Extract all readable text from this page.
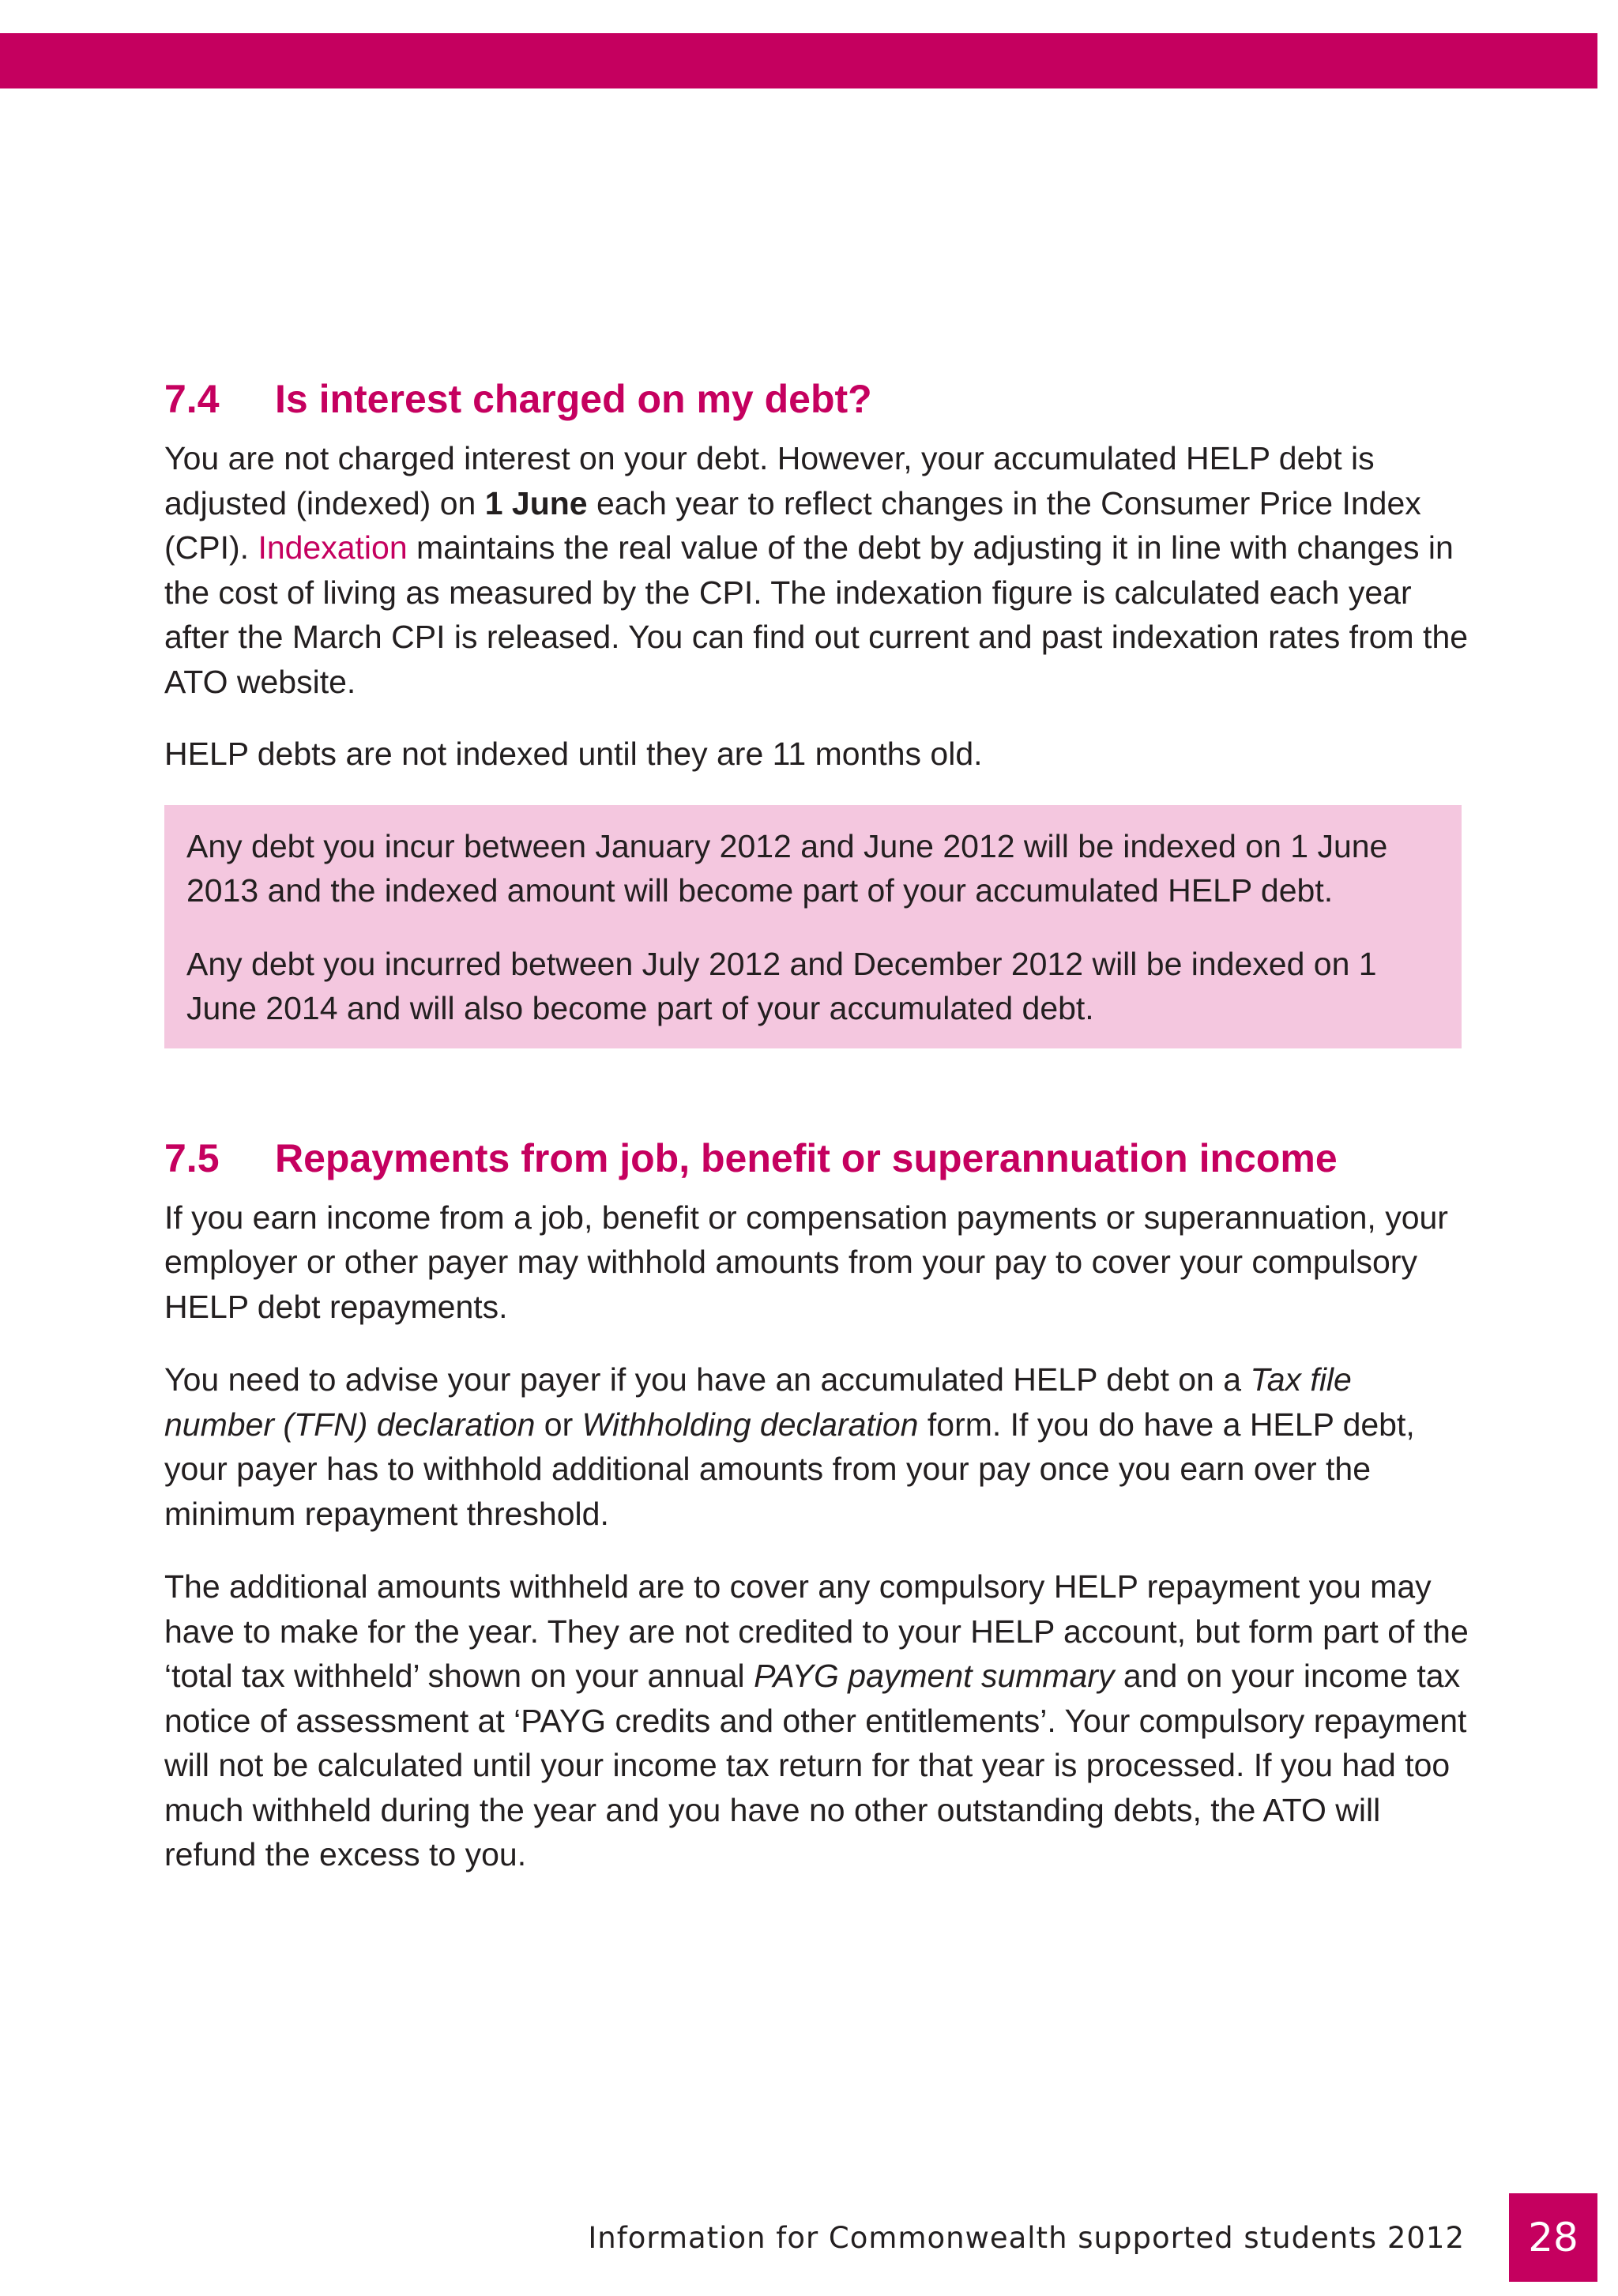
7.4	Is interest charged on my debt?

You are not charged interest on your debt. However, your accumulated HELP debt is adjusted (indexed) on 1 June each year to reflect changes in the Consumer Price Index (CPI). Indexation maintains the real value of the debt by adjusting it in line with changes in the cost of living as measured by the CPI. The indexation figure is calculated each year after the March CPI is released. You can find out current and past indexation rates from the ATO website.

HELP debts are not indexed until they are 11 months old.

Any debt you incur between January 2012 and June 2012 will be indexed on 1 June 2013 and the indexed amount will become part of your accumulated HELP debt.

Any debt you incurred between July 2012 and December 2012 will be indexed on 1 June 2014 and will also become part of your accumulated debt.

7.5	Repayments from job, benefit or superannuation income

If you earn income from a job, benefit or compensation payments or superannuation, your employer or other payer may withhold amounts from your pay to cover your compulsory HELP debt repayments.

You need to advise your payer if you have an accumulated HELP debt on a Tax file number (TFN) declaration or Withholding declaration form. If you do have a HELP debt, your payer has to withhold additional amounts from your pay once you earn over the minimum repayment threshold.

The additional amounts withheld are to cover any compulsory HELP repayment you may have to make for the year. They are not credited to your HELP account, but form part of the ‘total tax withheld’ shown on your annual PAYG payment summary and on your income tax notice of assessment at ‘PAYG credits and other entitlements’. Your compulsory repayment will not be calculated until your income tax return for that year is processed. If you had too much withheld during the year and you have no other outstanding debts, the ATO will refund the excess to you.

Information for Commonwealth supported students 2012	28
